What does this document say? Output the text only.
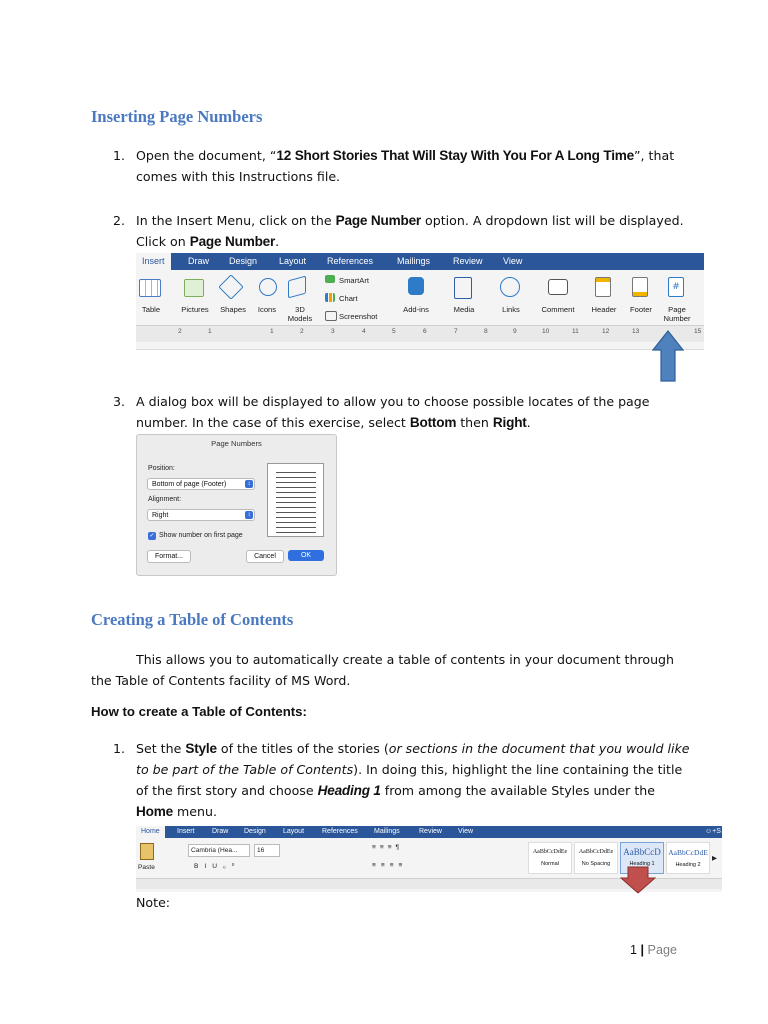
Inserting Page Numbers
1. Open the document, “12 Short Stories That Will Stay With You For A Long Time”, that
comes with this Instructions file.
2. In the Insert Menu, click on the Page Number option. A dropdown list will be displayed.
Click on Page Number.
Insert	Draw Design Layout References	Mailings	Review View
#
Table	Pictures	Shapes	Icons	3D Models
SmartArt
Chart
Screenshot
Add-ins	Media	Links	Comment	Header	Footer	Page Number
2	1	1	2	3	4	5	6	7	8	9	10	11	12	13	15
3. A dialog box will be displayed to allow you to choose possible locates of the page
number. In the case of this exercise, select Bottom then Right.
Page Numbers
Position:
Bottom of page (Footer)	↕
Alignment:
Right	↕
✓ Show number on first page
Format...	Cancel	OK
Creating a Table of Contents
This allows you to automatically create a table of contents in your document through
the Table of Contents facility of MS Word.
How to create a Table of Contents:
1. Set the Style of the titles of the stories (or sections in the document that you would like
to be part of the Table of Contents). In doing this, highlight the line containing the title
of the first story and choose Heading 1 from among the available Styles under the
Home menu.
Home	Insert Draw Design Layout	References Mailings	Review View	☺+S
Paste
Cambria (Hea...	16
BIU₀⁰
≡≡≡¶
≡≡≡≡
AaBbCcDdEe
Normal
AaBbCcDdEe
No Spacing
AaBbCcD
Heading 1
AaBbCcDdE
Heading 2
▶
Note:
1 | Page
